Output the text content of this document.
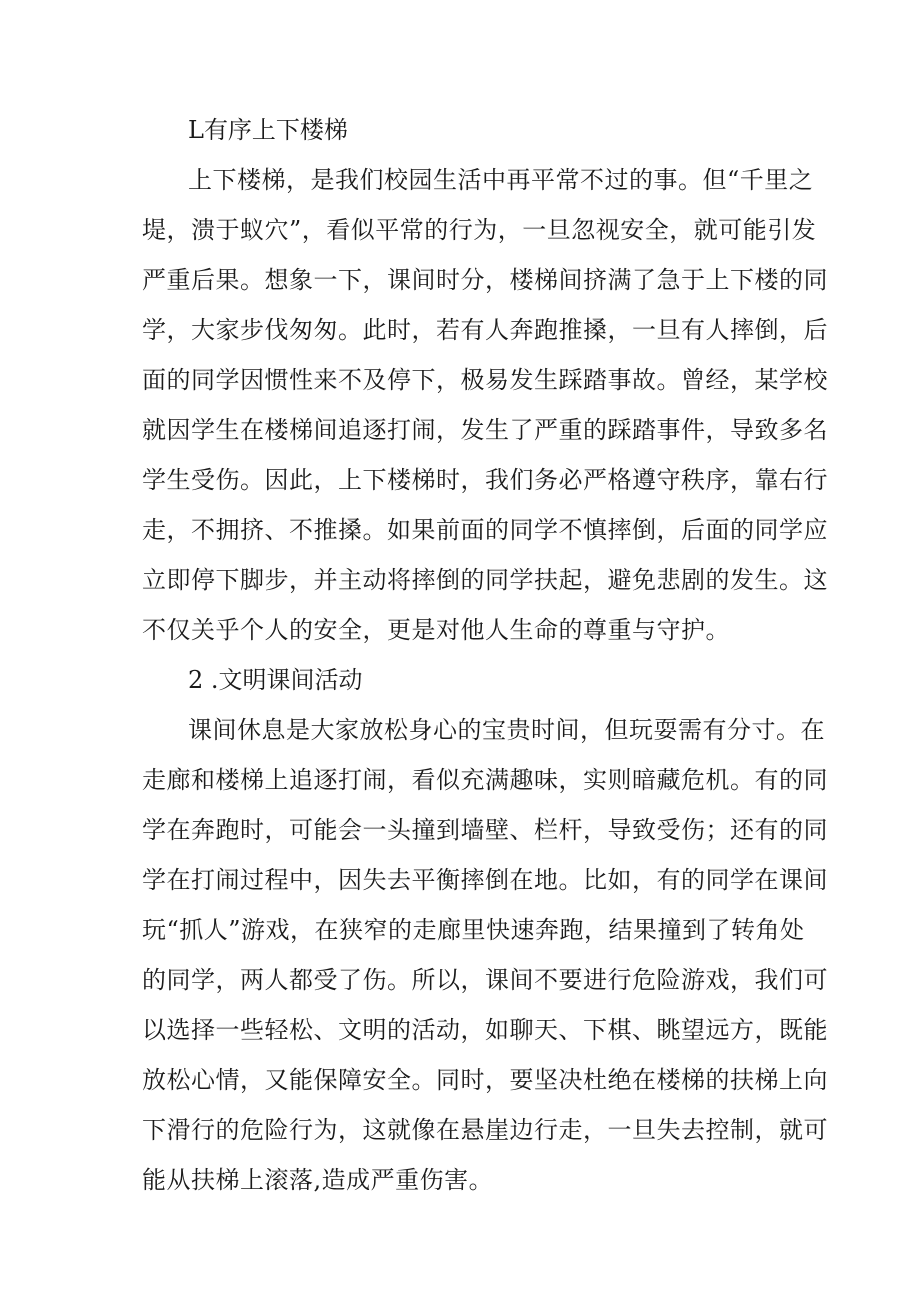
L有序上下楼梯
上下楼梯，是我们校园生活中再平常不过的事。但“千里之
堤，溃于蚁穴”，看似平常的行为，一旦忽视安全，就可能引发
严重后果。想象一下，课间时分，楼梯间挤满了急于上下楼的同
学，大家步伐匆匆。此时，若有人奔跑推搡，一旦有人摔倒，后
面的同学因惯性来不及停下，极易发生踩踏事故。曾经，某学校
就因学生在楼梯间追逐打闹，发生了严重的踩踏事件，导致多名
学生受伤。因此，上下楼梯时，我们务必严格遵守秩序，靠右行
走，不拥挤、不推搡。如果前面的同学不慎摔倒，后面的同学应
立即停下脚步，并主动将摔倒的同学扶起，避免悲剧的发生。这
不仅关乎个人的安全，更是对他人生命的尊重与守护。
2 .文明课间活动
课间休息是大家放松身心的宝贵时间，但玩耍需有分寸。在
走廊和楼梯上追逐打闹，看似充满趣味，实则暗藏危机。有的同
学在奔跑时，可能会一头撞到墙壁、栏杆，导致受伤；还有的同
学在打闹过程中，因失去平衡摔倒在地。比如，有的同学在课间
玩“抓人”游戏，在狭窄的走廊里快速奔跑，结果撞到了转角处
的同学，两人都受了伤。所以，课间不要进行危险游戏，我们可
以选择一些轻松、文明的活动，如聊天、下棋、眺望远方，既能
放松心情，又能保障安全。同时，要坚决杜绝在楼梯的扶梯上向
下滑行的危险行为，这就像在悬崖边行走，一旦失去控制，就可
能从扶梯上滚落,造成严重伤害。
